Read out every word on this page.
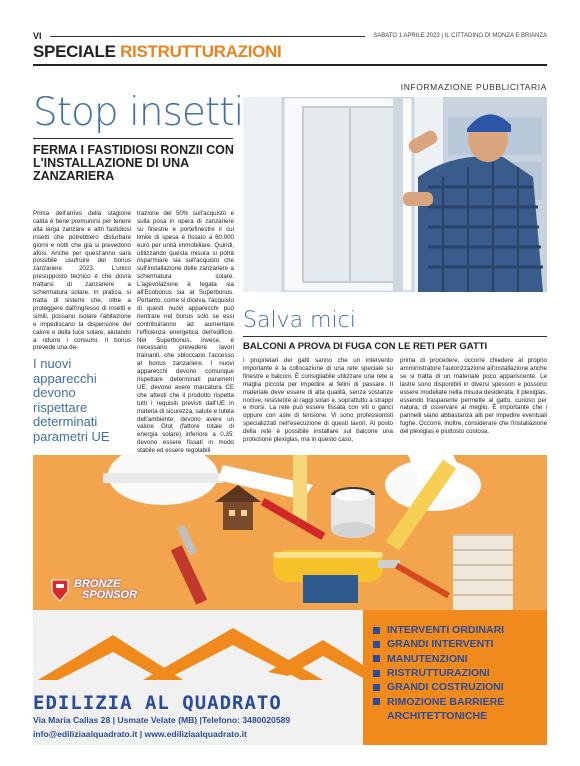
VI	SABATO 1 APRILE 2023 | IL CITTADINO DI MONZA E BRIANZA
SPECIALE RISTRUTTURAZIONI
INFORMAZIONE PUBBLICITARIA
Stop insetti
FERMA I FASTIDIOSI RONZII CON L'INSTALLAZIONE DI UNA ZANZARIERA
Prima dell'arrivo della stagione calda è bene premunirsi per tenere alla larga zanzare e altri fastidiosi insetti che potrebbero disturbare giorni e notti che già si prevedono afosi. Anche per quest'anno sarà possibile usufruire del bonus zanzariere 2023. L'unico presupposto tecnico è che dovrà trattarsi di zanzariere a schermatura solare. In pratica, si tratta di sistemi che, oltre a proteggere dall'ingresso di insetti e simili, possano isolare l'abitazione e impediscano la dispersione del calore e della luce solare, aiutando a ridurre i consumi. Il bonus prevede una de-
trazione del 50% sull'acquisto e sulla posa in opera di zanzariere su finestre e portefinestre il cui limite di spesa è fissato a 60.000 euro per unità immobiliare. Quindi, utilizzando questa misura si potrà risparmiare sia sull'acquisto che sull'installazione delle zanzariere a schermatura solare. L'agevolazione è legata sia all'Ecobonus sia al Superbonus. Pertanto, come si diceva, l'acquisto di questi nuovi apparecchi può rientrare nel bonus solo se essi contribuiranno ad aumentare l'efficienza energetica dell'edificio. Nel Superbonus, invece, è necessario prevedere lavori trainanti, che sbloccano l'accesso al bonus zanzariere. I nuovi apparecchi devono comunque rispettare determinati parametri UE: devono avere marcatura CE che attesti che il prodotto rispetta tutti i requisiti previsti dall'UE in materia di sicurezza, salute e tutela dell'ambiente; devono avere un valore Gtot (fattore totale di energia solare) inferiore a 0,35: devono essere fissati in modo stabile ed essere regolabili
I nuovi apparecchi devono rispettare determinati parametri UE
Salva mici
BALCONI A PROVA DI FUGA CON LE RETI PER GATTI
I proprietari dei gatti sanno che un intervento importante è la collocazione di una rete speciale su finestre e balconi. È consigliabile utilizzare una rete a maglia piccola per impedire ai felini di passare. Il materiale deve essere di alta qualità, senza sostanze nocive, resistente ai raggi solari e, soprattutto a strappi e morsi. La rete può essere fissata con viti o ganci oppure con aste di tensione. Vi sono professionisti specializzati nell'esecuzione di questi lavori. Al posto della rete è possibile installare sul balcone una protezione plexiglas, ma in questo caso,
prima di procedere, occorre chiedere al proprio amministratore l'autorizzazione all'installazione anche se si tratta di un materiale poco appariscente. Le lastre sono disponibili in diversi spessori e possono essere modellate nella misura desiderata. Il plexiglas, essendo trasparente permette al gatto, curioso per natura, di osservare al meglio. È importante che i pannelli siano abbastanza alti per impedire eventuali fughe. Occorre, inoltre, considerare che l'installazione del plexiglas è piuttosto costosa.
BRONZE
SPONSOR
INTERVENTI ORDINARI
GRANDI INTERVENTI
MANUTENZIONI
RISTRUTTURAZIONI
GRANDI COSTRUZIONI
RIMOZIONE BARRIERE
ARCHITETTONICHE
EDILIZIA AL QUADRATO
Via Maria Callas 28 | Usmate Velate (MB) |Telefono: 3480020589
info@ediliziaalquadrato.it | www.ediliziaalquadrato.it
